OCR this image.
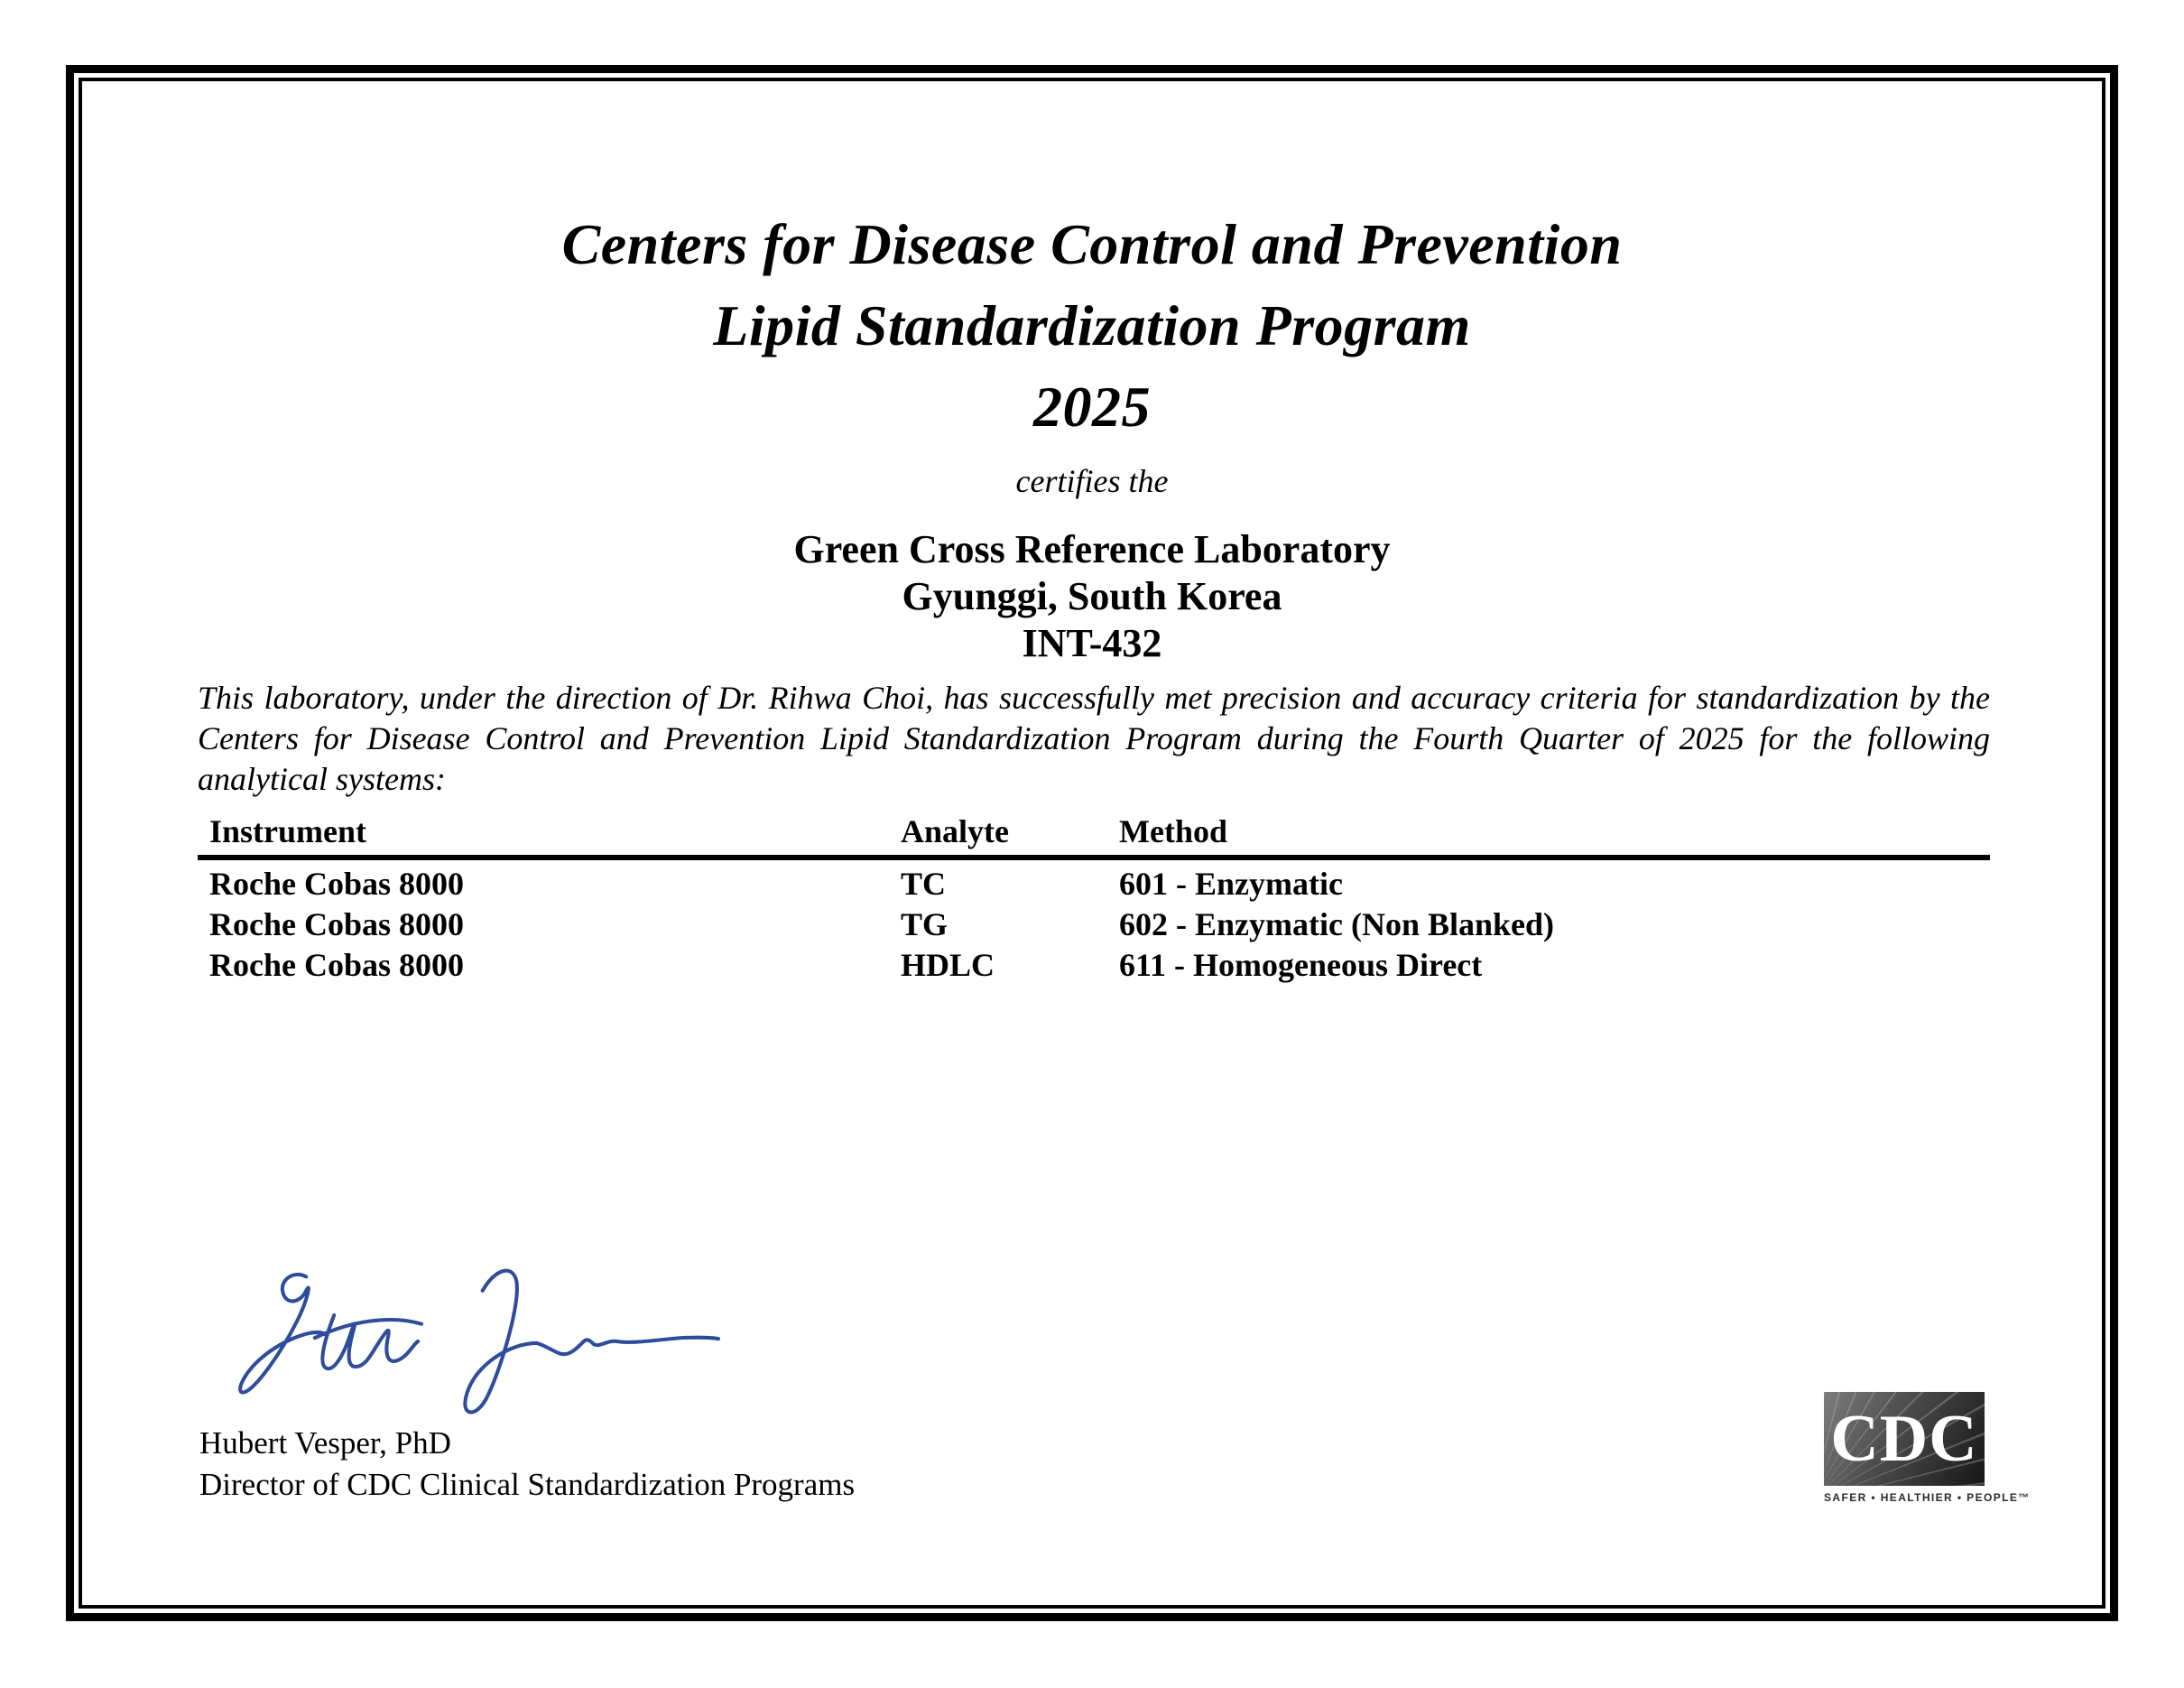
Centers for Disease Control and Prevention
Lipid Standardization Program
2025
certifies the
Green Cross Reference Laboratory
Gyunggi, South Korea
INT-432
This laboratory, under the direction of Dr. Rihwa Choi, has successfully met precision and accuracy criteria for standardization by the Centers for Disease Control and Prevention Lipid Standardization Program during the Fourth Quarter of 2025 for the following analytical systems:
Instrument	Analyte	Method
Roche Cobas 8000	TC	601 - Enzymatic
Roche Cobas 8000	TG	602 - Enzymatic (Non Blanked)
Roche Cobas 8000	HDLC	611 - Homogeneous Direct
Hubert Vesper, PhD
Director of CDC Clinical Standardization Programs
CDC
SAFER • HEALTHIER • PEOPLE™
